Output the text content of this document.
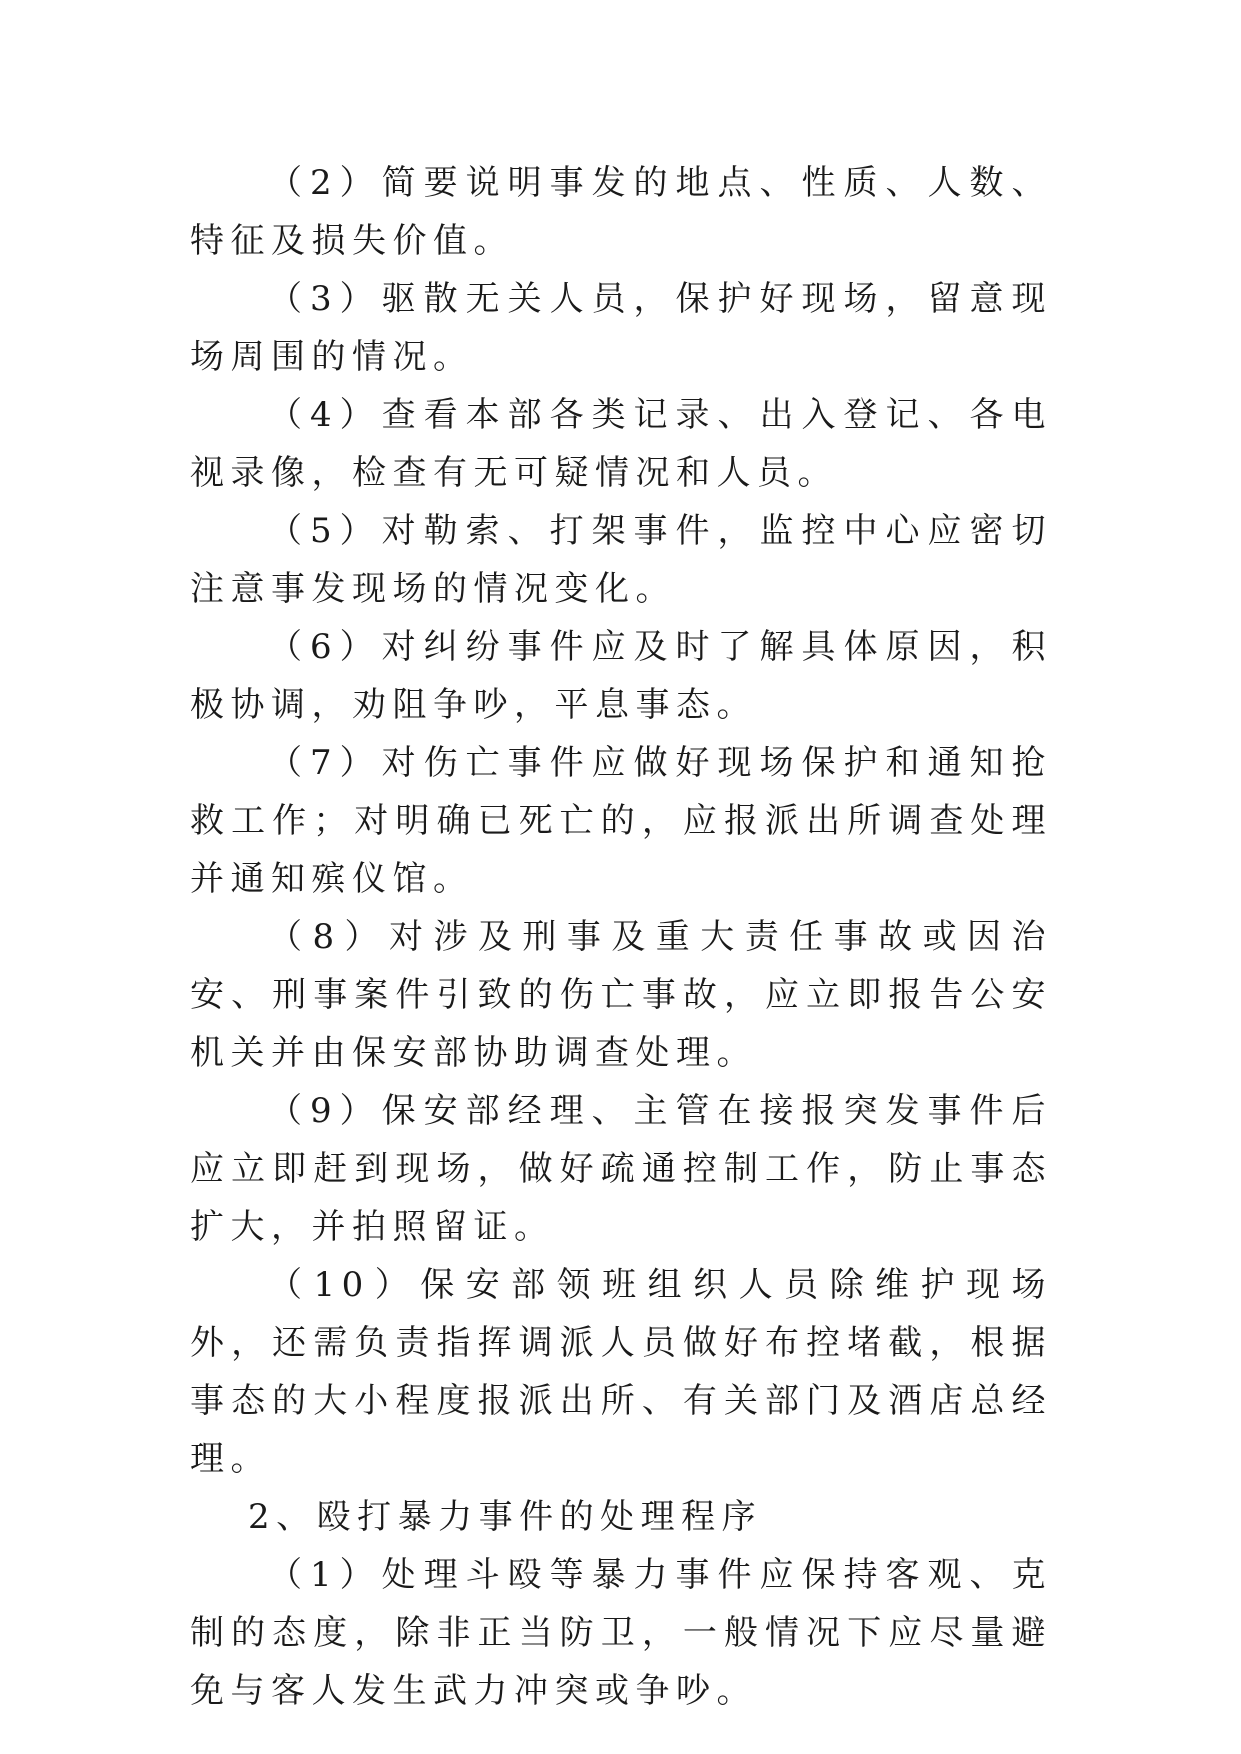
（2）简要说明事发的地点、性质、人数、特征及损失价值。

（3）驱散无关人员，保护好现场，留意现场周围的情况。

（4）查看本部各类记录、出入登记、各电视录像，检查有无可疑情况和人员。

（5）对勒索、打架事件，监控中心应密切注意事发现场的情况变化。

（6）对纠纷事件应及时了解具体原因，积极协调，劝阻争吵，平息事态。

（7）对伤亡事件应做好现场保护和通知抢救工作；对明确已死亡的，应报派出所调查处理并通知殡仪馆。

（8）对涉及刑事及重大责任事故或因治安、刑事案件引致的伤亡事故，应立即报告公安机关并由保安部协助调查处理。

（9）保安部经理、主管在接报突发事件后应立即赶到现场，做好疏通控制工作，防止事态扩大，并拍照留证。

（10）保安部领班组织人员除维护现场外，还需负责指挥调派人员做好布控堵截，根据事态的大小程度报派出所、有关部门及酒店总经理。

2、殴打暴力事件的处理程序

（1）处理斗殴等暴力事件应保持客观、克制的态度，除非正当防卫，一般情况下应尽量避免与客人发生武力冲突或争吵。
